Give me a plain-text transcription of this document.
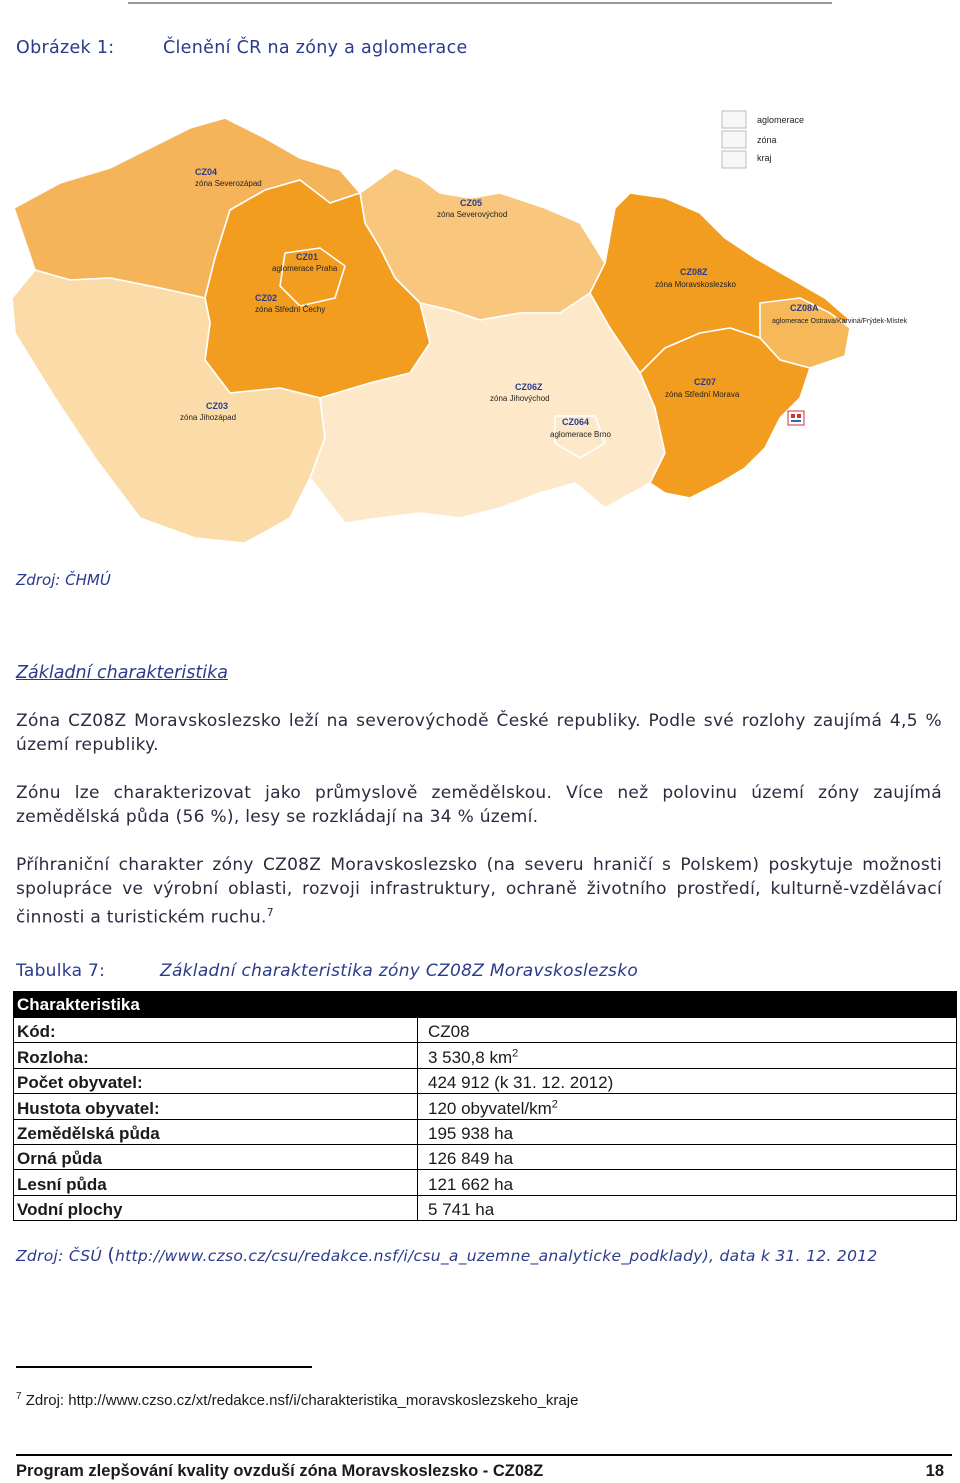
Obrázek 1:	Členění ČR na zóny a aglomerace
CZ04
zóna Severozápad
CZ05
zóna Severovýchod
CZ01
aglomerace Praha
CZ02
zóna Střední Čechy
CZ03
zóna Jihozápad
CZ06Z
zóna Jihovýchod
CZ064
aglomerace Brno
CZ08Z
zóna Moravskoslezsko
CZ08A
aglomerace Ostrava/Karviná/Frýdek-Místek
CZ07
zóna Střední Morava
aglomerace
zóna
kraj
Zdroj: ČHMÚ
Základní charakteristika
Zóna CZ08Z Moravskoslezsko leží na severovýchodě České republiky. Podle své rozlohy zaujímá 4,5 % území republiky.
Zónu lze charakterizovat jako průmyslově zemědělskou. Více než polovinu území zóny zaujímá zemědělská půda (56 %), lesy se rozkládají na 34 % území.
Příhraniční charakter zóny CZ08Z Moravskoslezsko (na severu hraničí s Polskem) poskytuje možnosti spolupráce ve výrobní oblasti, rozvoji infrastruktury, ochraně životního prostředí, kulturně-vzdělávací činnosti a turistickém ruchu.$^7$
Tabulka 7:	Základní charakteristika zóny CZ08Z Moravskoslezsko
Charakteristika	
Kód:	CZ08
Rozloha:	3 530,8 $km^2$
Počet obyvatel:	424 912 (k 31. 12. 2012)
Hustota obyvatel:	120 obyvatel/$km^2$
Zemědělská půda	195 938 ha
Orná půda	126 849 ha
Lesní půda	121 662 ha
Vodní plochy	5 741 ha
Zdroj: ČSÚ (http://www.czso.cz/csu/redakce.nsf/i/csu_a_uzemne_analyticke_podklady), data k 31. 12. 2012
$^7$ Zdroj: http://www.czso.cz/xt/redakce.nsf/i/charakteristika_moravskoslezskeho_kraje
Program zlepšování kvality ovzduší zóna Moravskoslezsko - CZ08Z	18
